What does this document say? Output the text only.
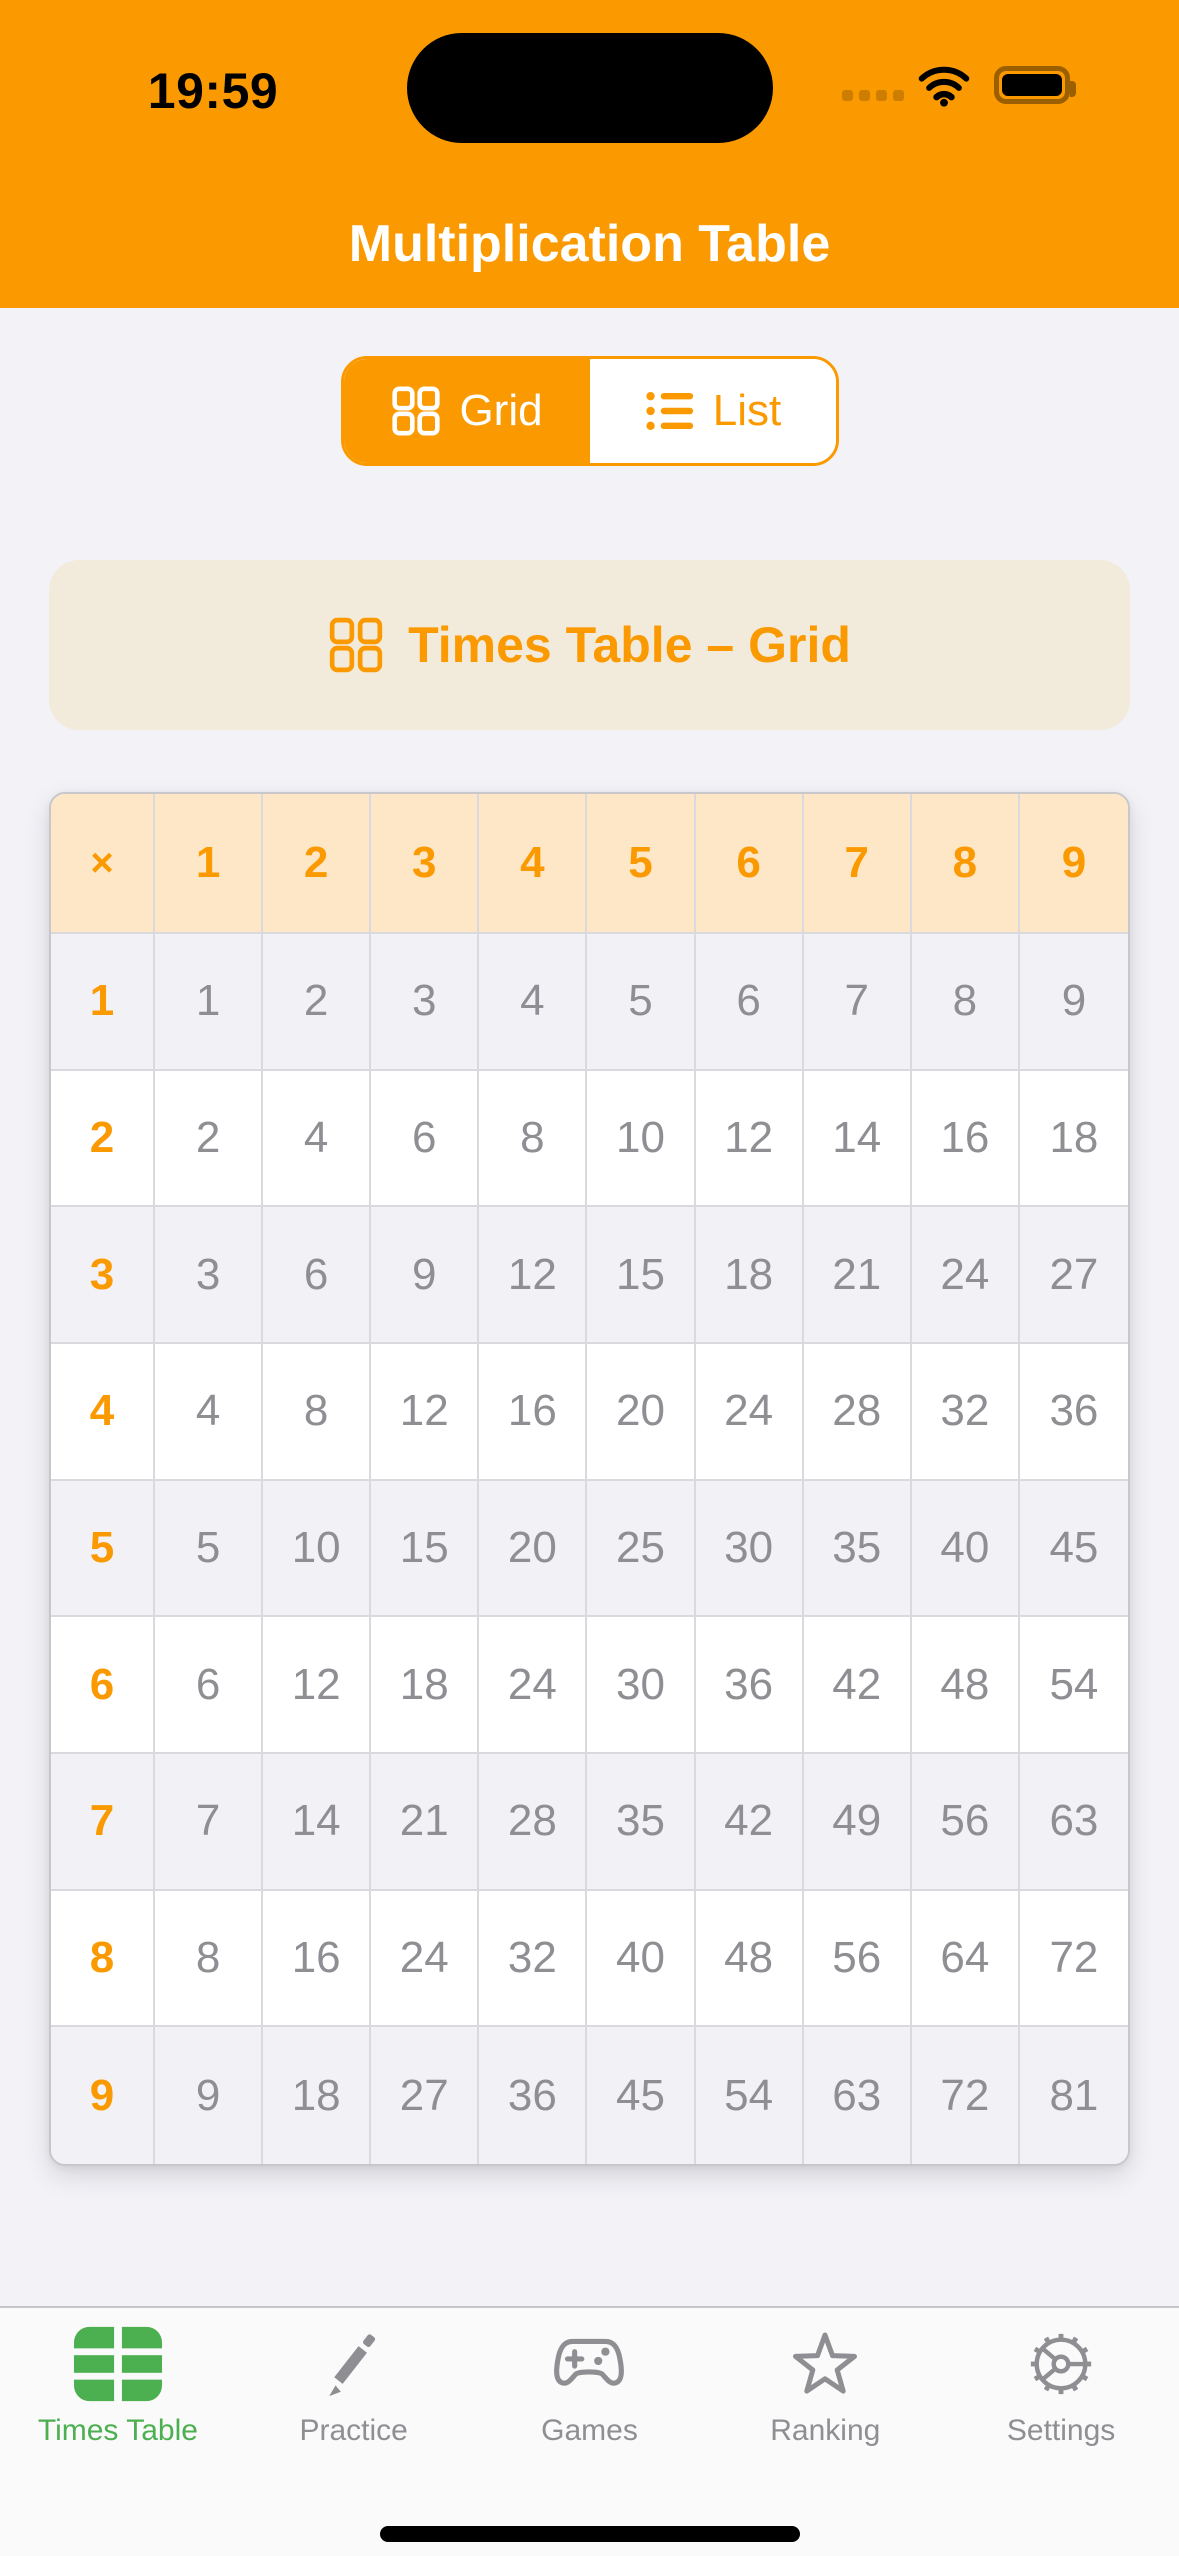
19:59
Multiplication Table
Grid	List
Times Table – Grid
×	1	2	3	4	5	6	7	8	9
1	1	2	3	4	5	6	7	8	9
2	2	4	6	8	10	12	14	16	18
3	3	6	9	12	15	18	21	24	27
4	4	8	12	16	20	24	28	32	36
5	5	10	15	20	25	30	35	40	45
6	6	12	18	24	30	36	42	48	54
7	7	14	21	28	35	42	49	56	63
8	8	16	24	32	40	48	56	64	72
9	9	18	27	36	45	54	63	72	81
Times Table	Practice	Games	Ranking	Settings
